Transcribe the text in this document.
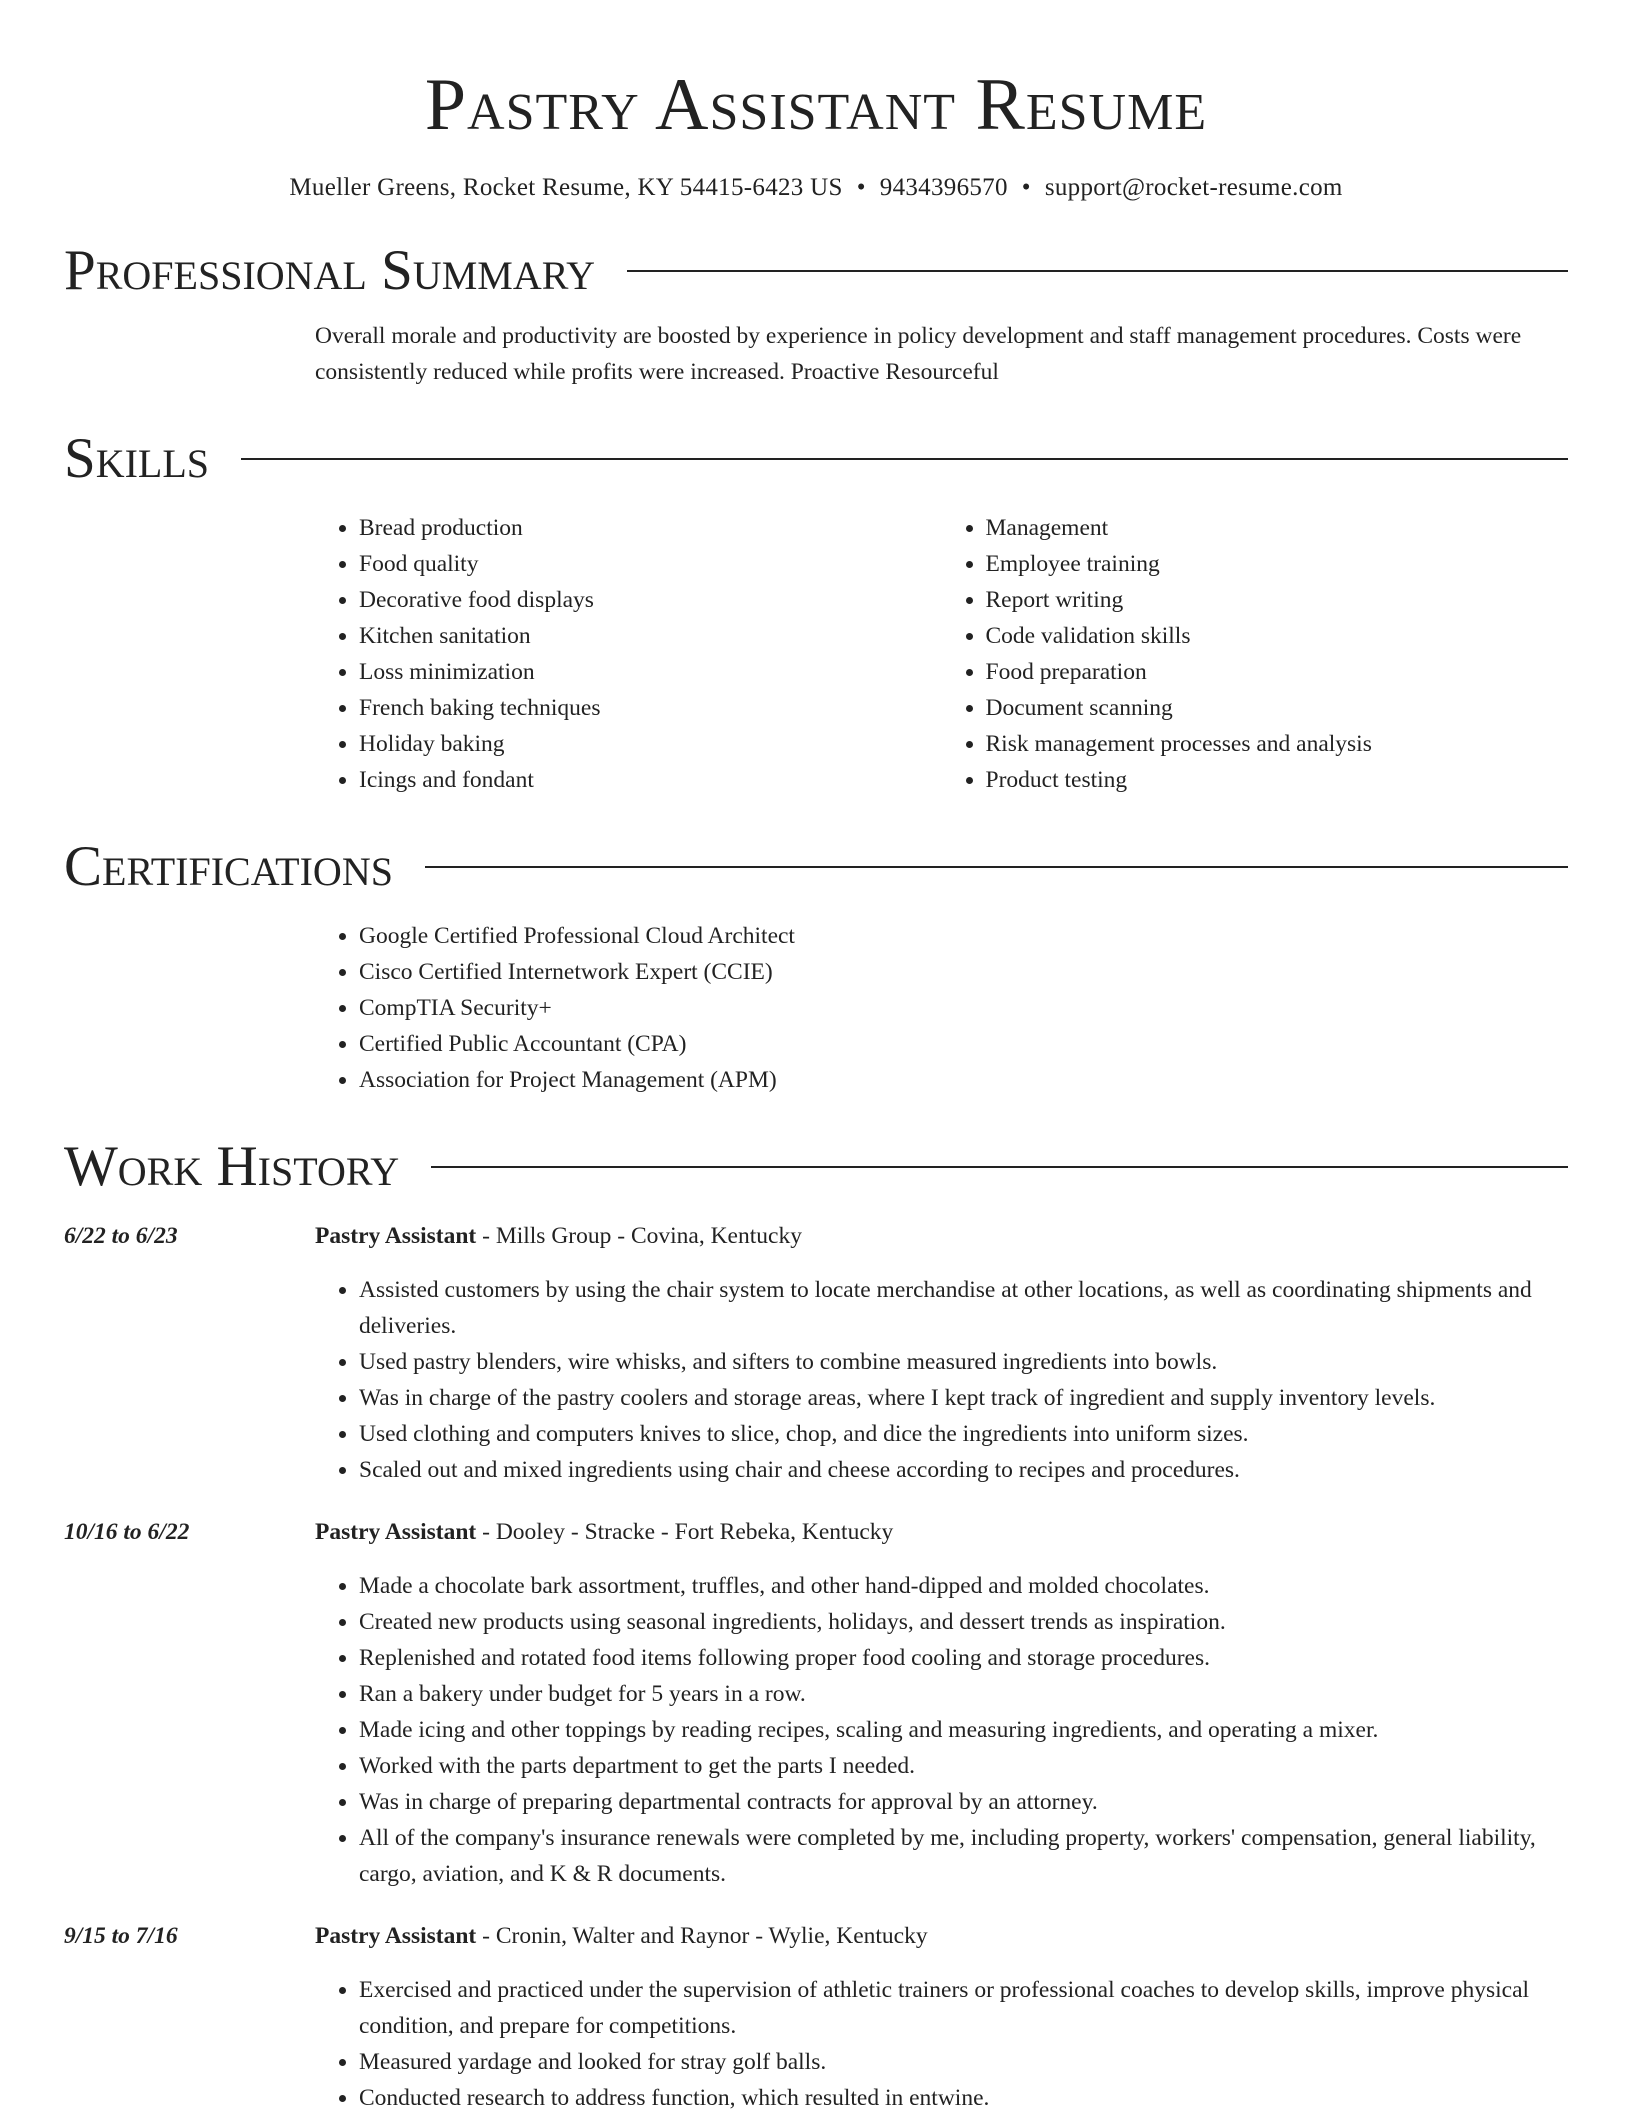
Pastry Assistant Resume
Mueller Greens, Rocket Resume, KY 54415-6423 US • 9434396570 • support@rocket-resume.com
Professional Summary

Overall morale and productivity are boosted by experience in policy development and staff management procedures. Costs were consistently reduced while profits were increased. Proactive Resourceful

Skills
• Bread production
• Food quality
• Decorative food displays
• Kitchen sanitation
• Loss minimization
• French baking techniques
• Holiday baking
• Icings and fondant
• Management
• Employee training
• Report writing
• Code validation skills
• Food preparation
• Document scanning
• Risk management processes and analysis
• Product testing
Certifications
• Google Certified Professional Cloud Architect
• Cisco Certified Internetwork Expert (CCIE)
• CompTIA Security+
• Certified Public Accountant (CPA)
• Association for Project Management (APM)
Work History
6/22 to 6/23	Pastry Assistant - Mills Group - Covina, Kentucky
• Assisted customers by using the chair system to locate merchandise at other locations, as well as coordinating shipments and deliveries.
• Used pastry blenders, wire whisks, and sifters to combine measured ingredients into bowls.
• Was in charge of the pastry coolers and storage areas, where I kept track of ingredient and supply inventory levels.
• Used clothing and computers knives to slice, chop, and dice the ingredients into uniform sizes.
• Scaled out and mixed ingredients using chair and cheese according to recipes and procedures.
10/16 to 6/22	Pastry Assistant - Dooley - Stracke - Fort Rebeka, Kentucky
• Made a chocolate bark assortment, truffles, and other hand-dipped and molded chocolates.
• Created new products using seasonal ingredients, holidays, and dessert trends as inspiration.
• Replenished and rotated food items following proper food cooling and storage procedures.
• Ran a bakery under budget for 5 years in a row.
• Made icing and other toppings by reading recipes, scaling and measuring ingredients, and operating a mixer.
• Worked with the parts department to get the parts I needed.
• Was in charge of preparing departmental contracts for approval by an attorney.
• All of the company's insurance renewals were completed by me, including property, workers' compensation, general liability, cargo, aviation, and K & R documents.
9/15 to 7/16	Pastry Assistant - Cronin, Walter and Raynor - Wylie, Kentucky
• Exercised and practiced under the supervision of athletic trainers or professional coaches to develop skills, improve physical condition, and prepare for competitions.
• Measured yardage and looked for stray golf balls.
• Conducted research to address function, which resulted in entwine.
